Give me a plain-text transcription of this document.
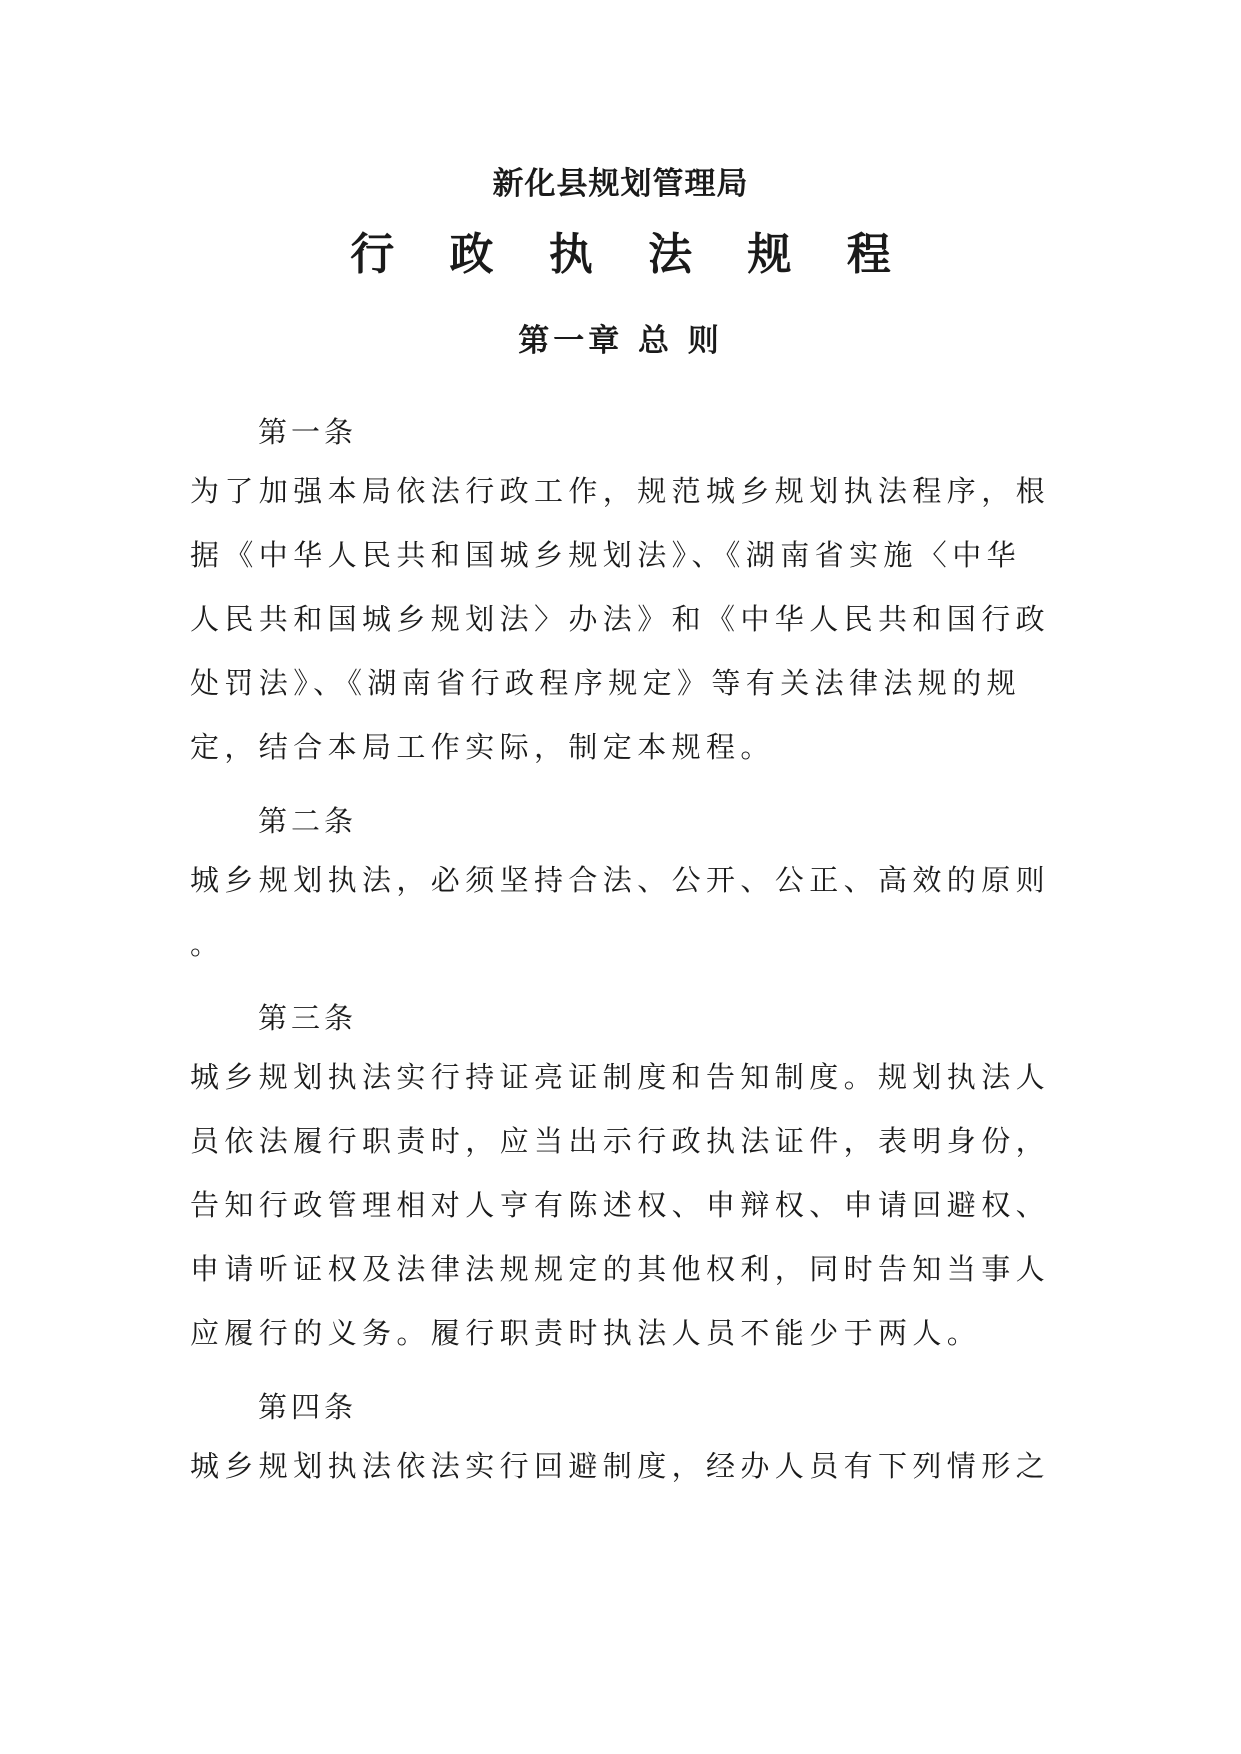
新化县规划管理局
行 政 执 法 规 程
第一章 总 则
第一条
为了加强本局依法行政工作，规范城乡规划执法程序，根
据《中华人民共和国城乡规划法》、《湖南省实施〈中华
人民共和国城乡规划法〉办法》和《中华人民共和国行政
处罚法》、《湖南省行政程序规定》等有关法律法规的规
定，结合本局工作实际，制定本规程。
第二条
城乡规划执法，必须坚持合法、公开、公正、高效的原则
。
第三条
城乡规划执法实行持证亮证制度和告知制度。规划执法人
员依法履行职责时，应当出示行政执法证件，表明身份，
告知行政管理相对人亨有陈述权、申辩权、申请回避权、
申请听证权及法律法规规定的其他权利，同时告知当事人
应履行的义务。履行职责时执法人员不能少于两人。
第四条
城乡规划执法依法实行回避制度，经办人员有下列情形之
